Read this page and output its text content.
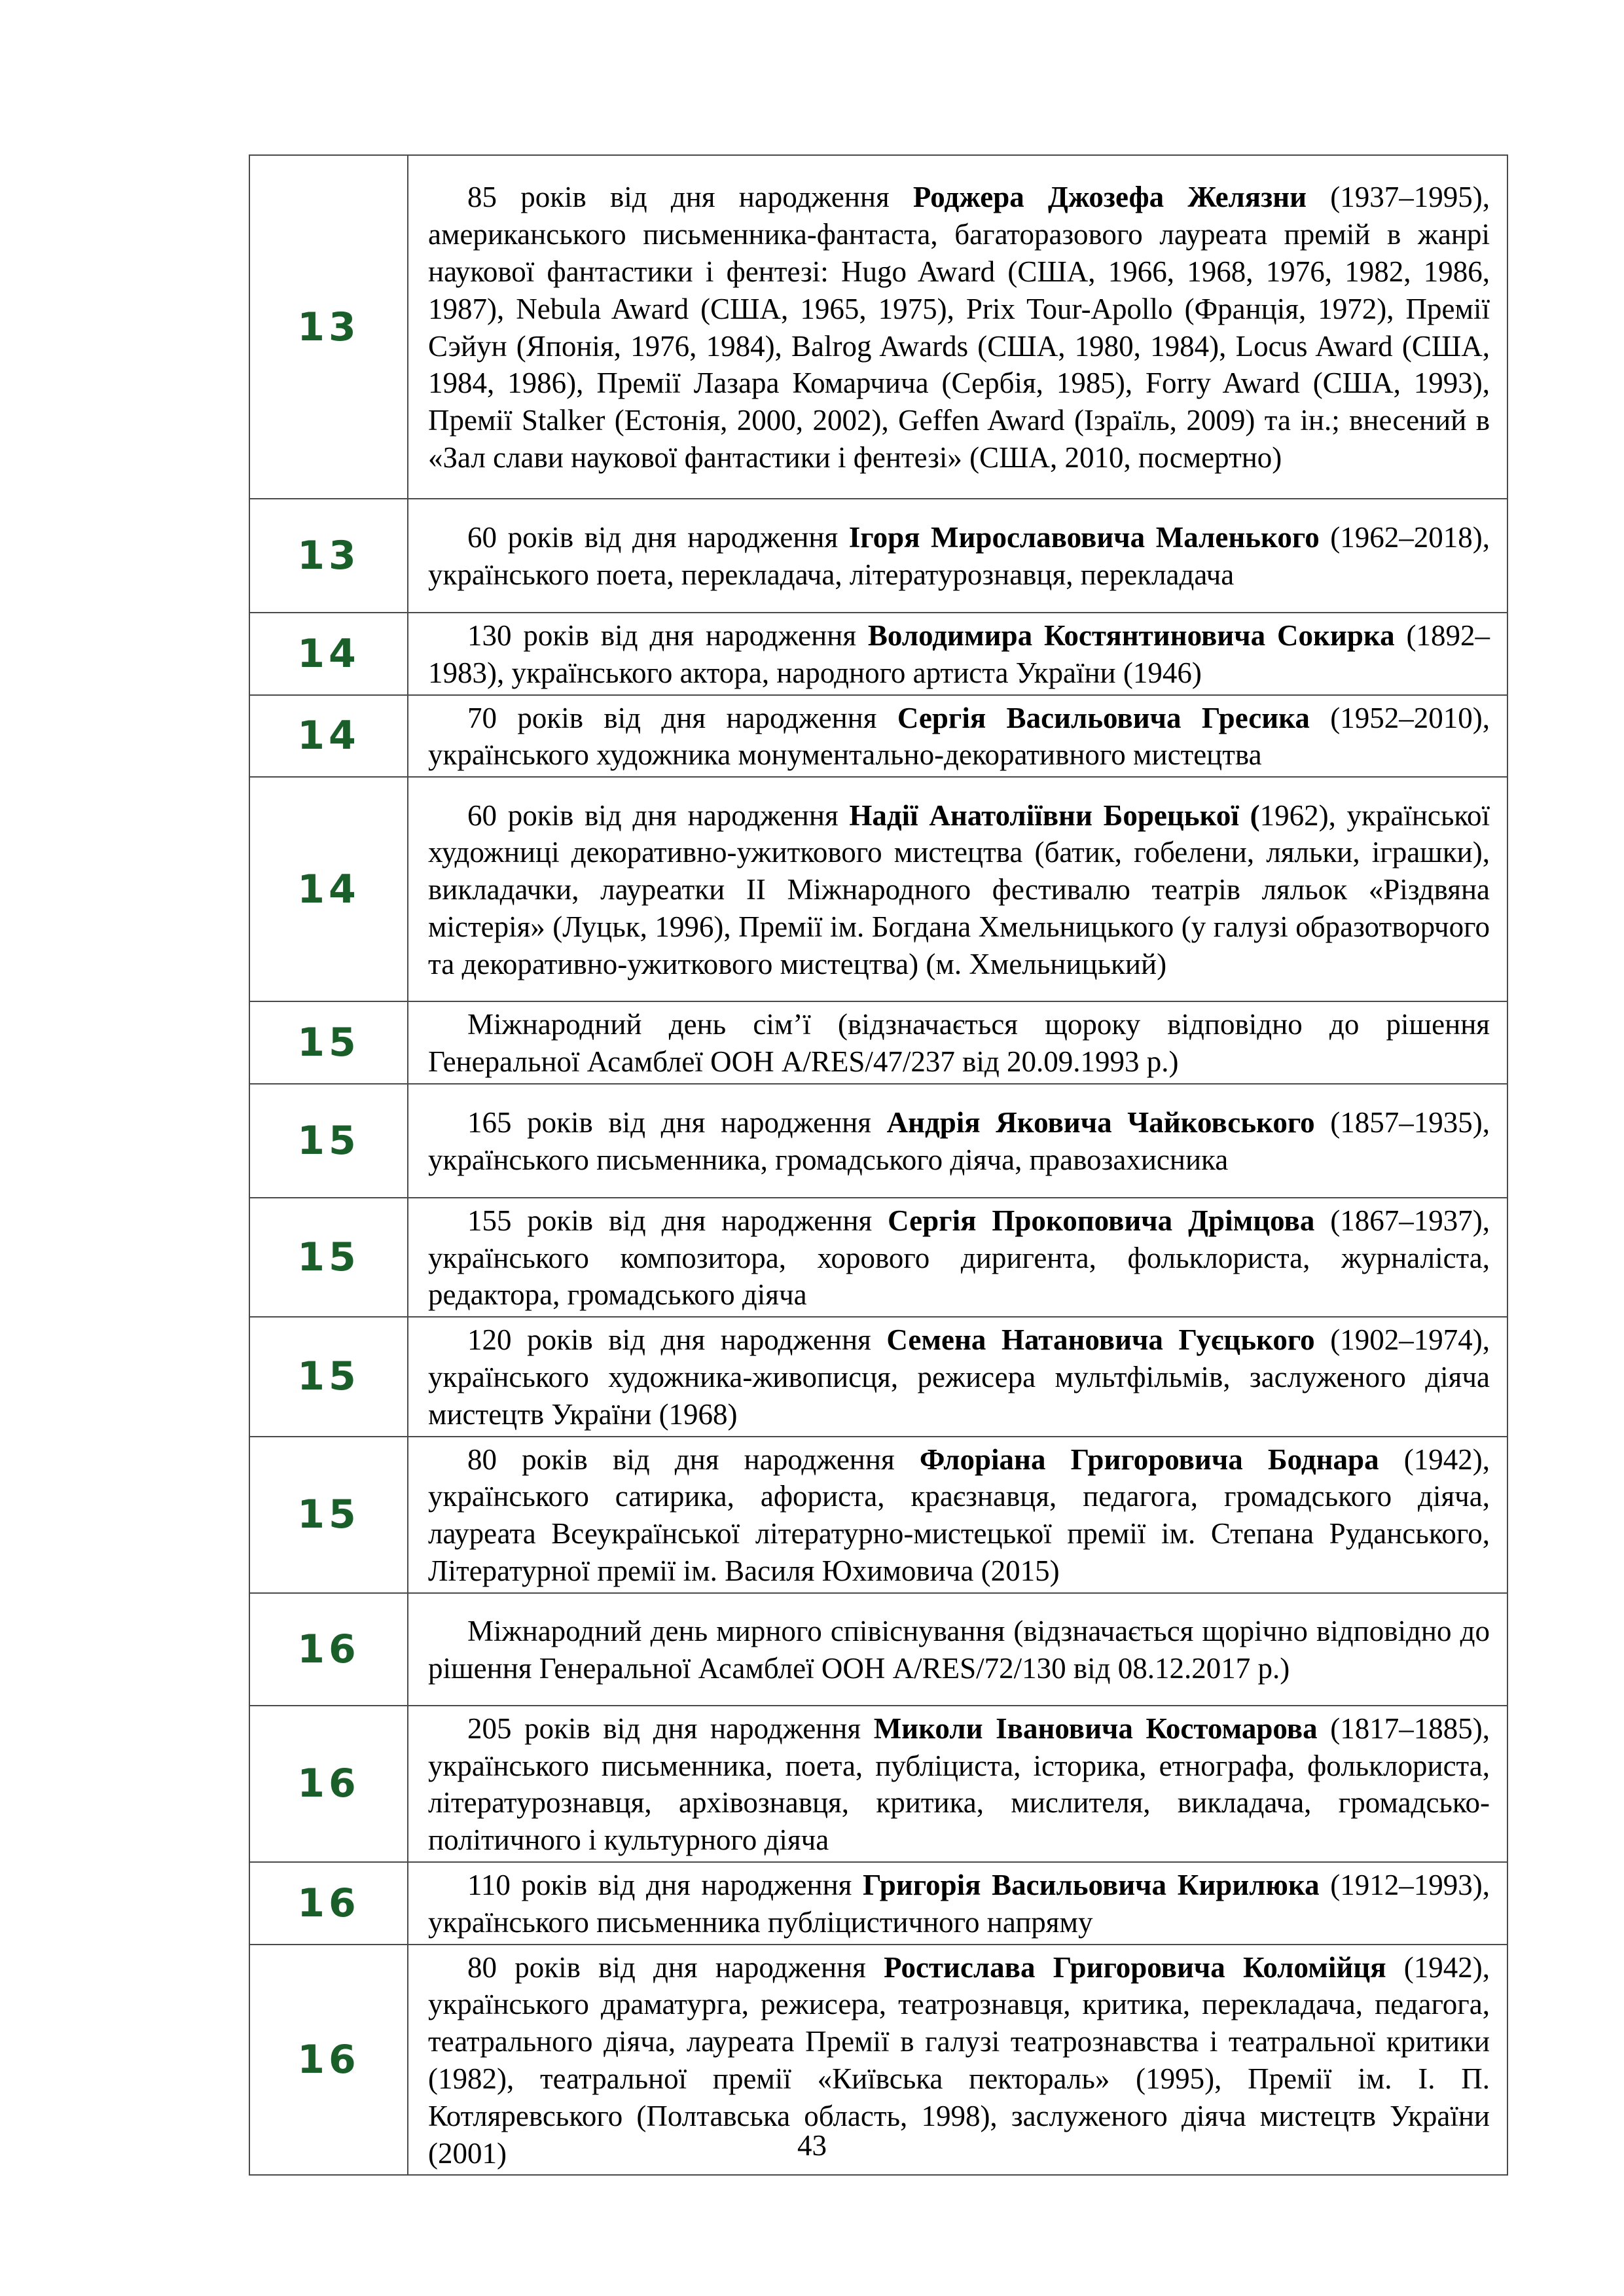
13	85 років від дня народження Роджера Джозефа Желязни (1937–1995), американського письменника-фантаста, багаторазового лауреата премій в жанрі наукової фантастики і фентезі: Hugo Award (США, 1966, 1968, 1976, 1982, 1986, 1987), Nebula Award (США, 1965, 1975), Prix Tour-Apollo (Франція, 1972), Премії Сэйун (Японія, 1976, 1984), Balrog Awards (США, 1980, 1984), Locus Award (США, 1984, 1986), Премії Лазара Комарчича (Сербія, 1985), Forry Award (США, 1993), Премії Stalker (Естонія, 2000, 2002), Geffen Award (Ізраїль, 2009) та ін.; внесений в «Зал слави наукової фантастики і фентезі» (США, 2010, посмертно)
13	60 років від дня народження Ігоря Мирославовича Маленького (1962–2018), українського поета, перекладача, літературознавця, перекладача
14	130 років від дня народження Володимира Костянтиновича Сокирка (1892–1983), українського актора, народного артиста України (1946)
14	70 років від дня народження Сергія Васильовича Гресика (1952–2010), українського художника монументально-декоративного мистецтва
14	60 років від дня народження Надії Анатоліївни Борецької (1962), української художниці декоративно-ужиткового мистецтва (батик, гобелени, ляльки, іграшки), викладачки, лауреатки II Міжнародного фестивалю театрів ляльок «Різдвяна містерія» (Луцьк, 1996), Премії ім. Богдана Хмельницького (у галузі образотворчого та декоративно-ужиткового мистецтва) (м. Хмельницький)
15	Міжнародний день сім’ї (відзначається щороку відповідно до рішення Генеральної Асамблеї ООН A/RES/47/237 від 20.09.1993 р.)
15	165 років від дня народження Андрія Яковича Чайковського (1857–1935), українського письменника, громадського діяча, правозахисника
15	155 років від дня народження Сергія Прокоповича Дрімцова (1867–1937), українського композитора, хорового диригента, фольклориста, журналіста, редактора, громадського діяча
15	120 років від дня народження Семена Натановича Гуєцького (1902–1974), українського художника-живописця, режисера мультфільмів, заслуженого діяча мистецтв України (1968)
15	80 років від дня народження Флоріана Григоровича Боднара (1942), українського сатирика, афориста, краєзнавця, педагога, громадського діяча, лауреата Всеукраїнської літературно-мистецької премії ім. Степана Руданського, Літературної премії ім. Василя Юхимовича (2015)
16	Міжнародний день мирного співіснування (відзначається щорічно відповідно до рішення Генеральної Асамблеї ООН A/RES/72/130 від 08.12.2017 р.)
16	205 років від дня народження Миколи Івановича Костомарова (1817–1885), українського письменника, поета, публіциста, історика, етнографа, фольклориста, літературознавця, архівознавця, критика, мислителя, викладача, громадсько-політичного і культурного діяча
16	110 років від дня народження Григорія Васильовича Кирилюка (1912–1993), українського письменника публіцистичного напряму
16	80 років від дня народження Ростислава Григоровича Коломійця (1942), українського драматурга, режисера, театрознавця, критика, перекладача, педагога, театрального діяча, лауреата Премії в галузі театрознавства і театральної критики (1982), театральної премії «Київська пектораль» (1995), Премії ім. І. П. Котляревського (Полтавська область, 1998), заслуженого діяча мистецтв України (2001)	43
